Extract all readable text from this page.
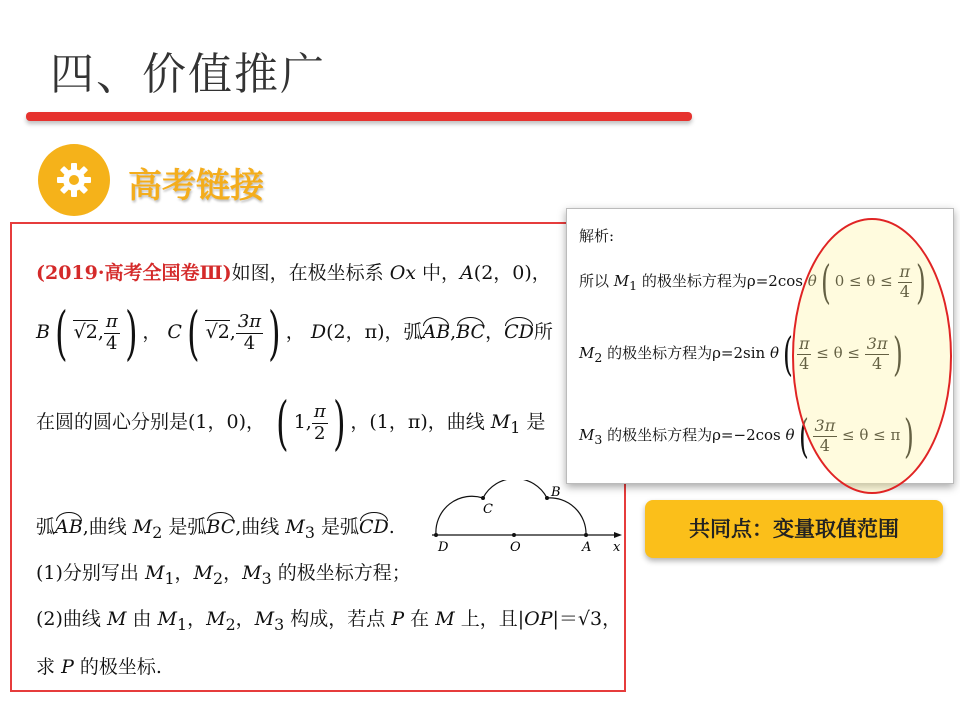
四、价值推广
高考链接
(2019·高考全国卷Ⅲ)如图，在极坐标系 Ox 中，A(2，0)，
B( √2, $\frac{\pi}{4}$ ) ， C( √2, $\frac{3\pi}{4}$ ) ， D(2，π)，弧AB,BC，CD所
在圆的圆心分别是(1，0)， ( 1, $\frac{\pi}{2}$ ) ，(1，π)，曲线 $M_1$ 是
弧AB,曲线 $M_2$ 是弧BC,曲线 $M_3$ 是弧CD.
(1)分别写出 $M_1$，$M_2$，$M_3$ 的极坐标方程；
(2)曲线 M 由 $M_1$，$M_2$，$M_3$ 构成，若点 P 在 M 上，且|OP|＝√3，
求 P 的极坐标.
D	O	A x
C
B
解析:
所以 $M_1$ 的极坐标方程为ρ=2cos θ( $0 \le \theta \le \frac{\pi}{4}$ )
$M_2$ 的极坐标方程为ρ=2sin $\theta( \frac{\pi}{4} \le \theta \le \frac{3\pi}{4}$ )
$M_3$ 的极坐标方程为ρ=−2cos $\theta( \frac{3\pi}{4} \le \theta \le \pi)$
共同点：变量取值范围
